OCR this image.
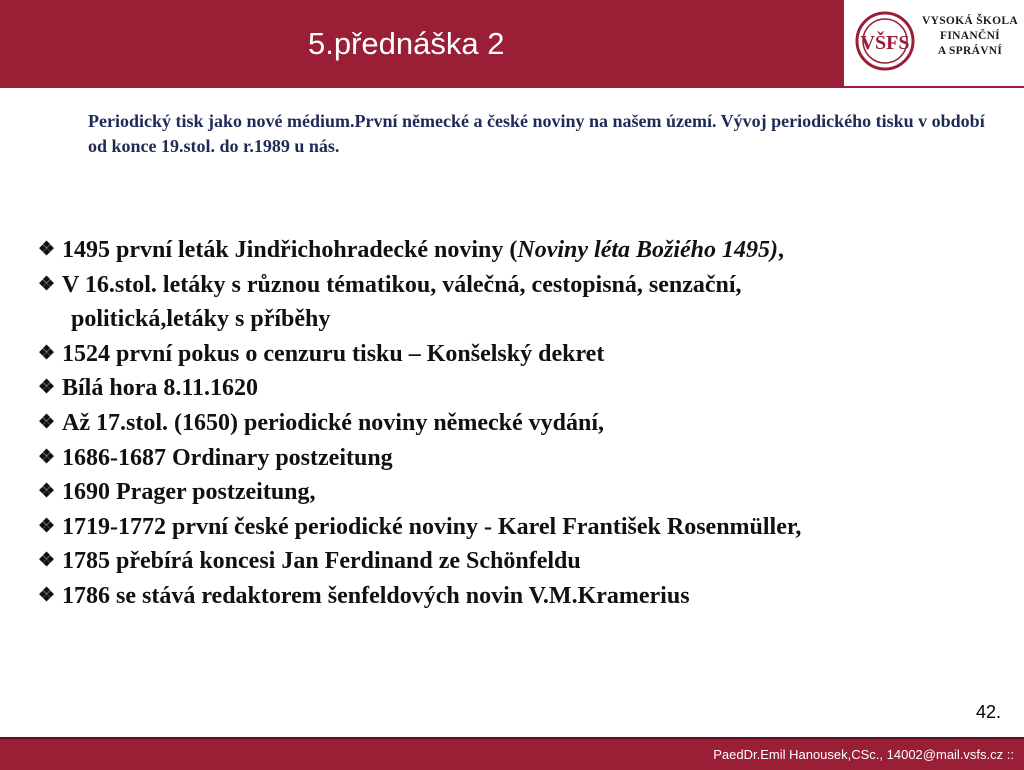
5.přednáška 2	VŠFS
VYSOKÁ ŠKOLA
FINANČNÍ
A SPRÁVNÍ
Periodický tisk jako nové médium.První německé a české noviny na našem území. Vývoj periodického tisku v období od konce 19.stol. do r.1989 u nás.
❖ 1495 první leták Jindřichohradecké noviny (Noviny léta Božiého 1495),
❖ V 16.stol. letáky s různou tématikou, válečná, cestopisná, senzační,
politická,letáky s příběhy
❖ 1524 první pokus o cenzuru tisku – Konšelský dekret
❖ Bílá hora 8.11.1620
❖ Až 17.stol. (1650) periodické noviny německé vydání,
❖ 1686-1687 Ordinary postzeitung
❖ 1690 Prager postzeitung,
❖ 1719-1772 první české periodické noviny - Karel František Rosenmüller,
❖ 1785 přebírá koncesi Jan Ferdinand ze Schönfeldu
❖ 1786 se stává redaktorem šenfeldových novin V.M.Kramerius
42.
PaedDr.Emil Hanousek,CSc., 14002@mail.vsfs.cz ::
